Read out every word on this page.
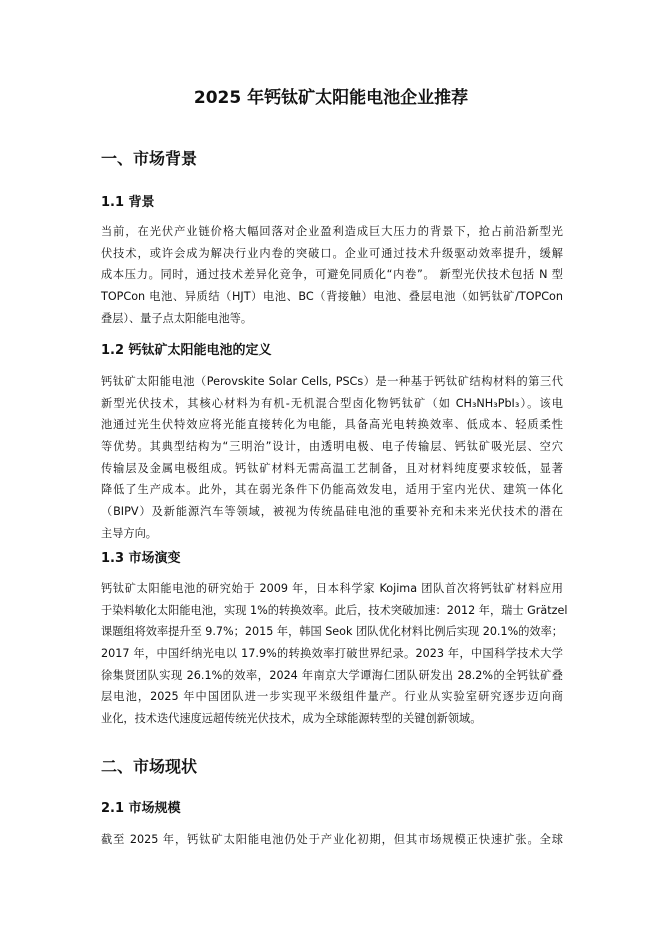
2025 年钙钛矿太阳能电池企业推荐
一、市场背景
1.1 背景
当前，在光伏产业链价格大幅回落对企业盈利造成巨大压力的背景下，抢占前沿新型光
伏技术，或许会成为解决行业内卷的突破口。企业可通过技术升级驱动效率提升，缓解
成本压力。同时，通过技术差异化竞争，可避免同质化“内卷”。 新型光伏技术包括 N 型
TOPCon 电池、异质结（HJT）电池、BC（背接触）电池、叠层电池（如钙钛矿/TOPCon
叠层）、量子点太阳能电池等。
1.2 钙钛矿太阳能电池的定义
钙钛矿太阳能电池（Perovskite Solar Cells, PSCs）是一种基于钙钛矿结构材料的第三代
新型光伏技术，其核心材料为有机-无机混合型卤化物钙钛矿（如 CH₃NH₃PbI₃）。该电
池通过光生伏特效应将光能直接转化为电能，具备高光电转换效率、低成本、轻质柔性
等优势。其典型结构为“三明治”设计，由透明电极、电子传输层、钙钛矿吸光层、空穴
传输层及金属电极组成。钙钛矿材料无需高温工艺制备，且对材料纯度要求较低，显著
降低了生产成本。此外，其在弱光条件下仍能高效发电，适用于室内光伏、建筑一体化
（BIPV）及新能源汽车等领域，被视为传统晶硅电池的重要补充和未来光伏技术的潜在
主导方向。
1.3 市场演变
钙钛矿太阳能电池的研究始于 2009 年，日本科学家 Kojima 团队首次将钙钛矿材料应用
于染料敏化太阳能电池，实现 1%的转换效率。此后，技术突破加速：2012 年，瑞士 Grätzel
课题组将效率提升至 9.7%；2015 年，韩国 Seok 团队优化材料比例后实现 20.1%的效率；
2017 年，中国纤纳光电以 17.9%的转换效率打破世界纪录。2023 年，中国科学技术大学
徐集贤团队实现 26.1%的效率，2024 年南京大学谭海仁团队研发出 28.2%的全钙钛矿叠
层电池，2025 年中国团队进一步实现平米级组件量产。行业从实验室研究逐步迈向商
业化，技术迭代速度远超传统光伏技术，成为全球能源转型的关键创新领域。
二、市场现状
2.1 市场规模
截至 2025 年，钙钛矿太阳能电池仍处于产业化初期，但其市场规模正快速扩张。全球
